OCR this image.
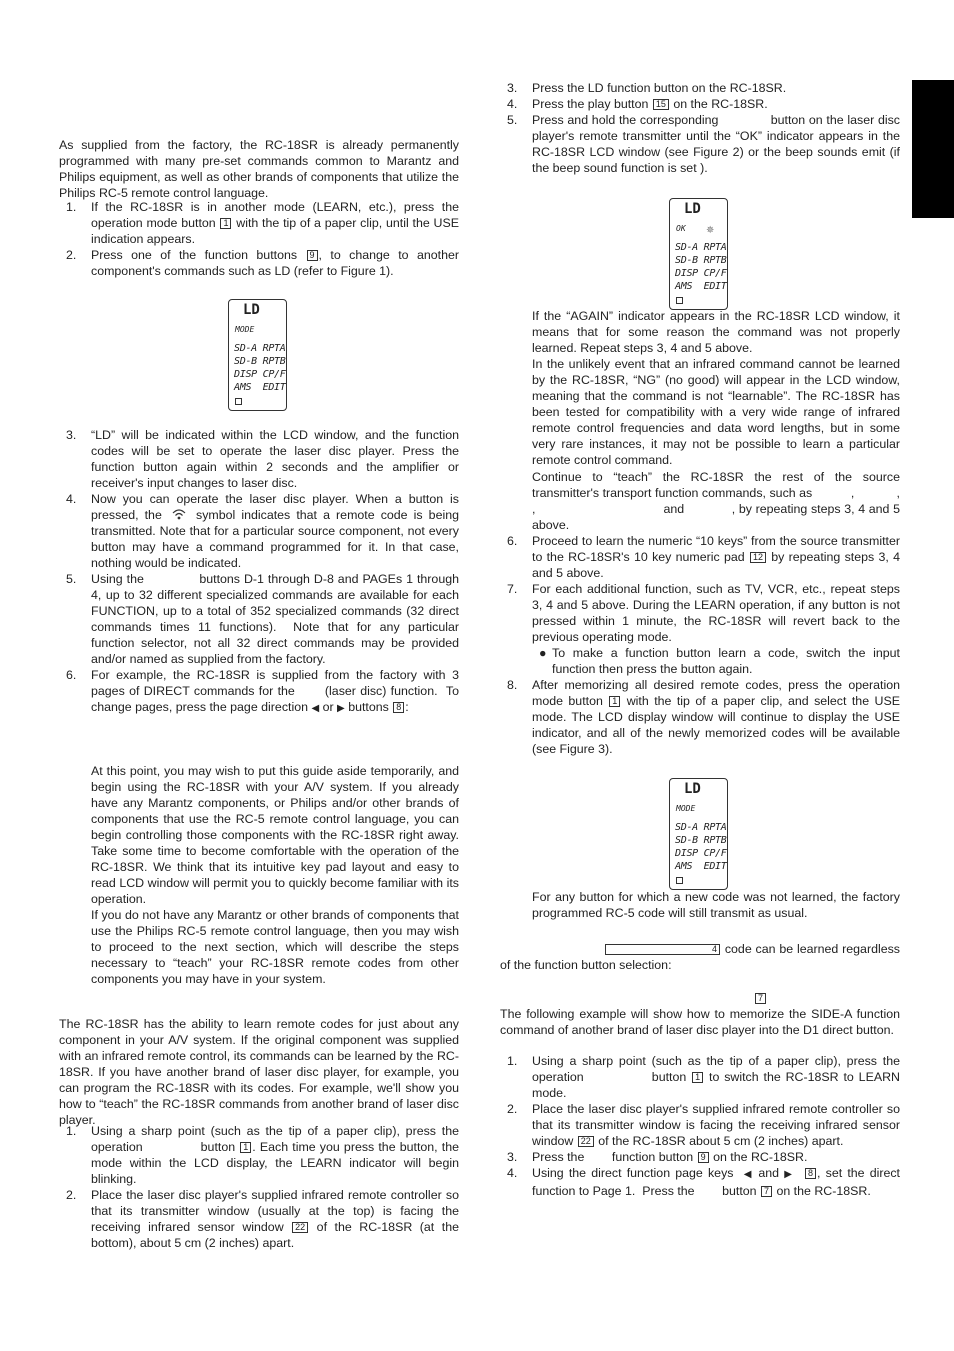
As supplied from the factory, the RC-18SR is already permanently programmed with many pre-set commands common to Marantz and Philips equipment, as well as other brands of components that utilize the Philips RC-5 remote control language.
1.	If the RC-18SR is in another mode (LEARN, etc.), press the operation mode button 1 with the tip of a paper clip, until the USE indication appears.
2.	Press one of the function buttons 9 , to change to another component's commands such as LD (refer to Figure 1).
LD
MODE
SD-A RPTA
SD-B RPTB
DISP CP/F
AMS  EDIT
3.	“LD” will be indicated within the LCD window, and the function codes will be set to operate the laser disc player. Press the function button again within 2 seconds and the amplifier or receiver's input changes to laser disc.
4.	Now you can operate the laser disc player. When a button is pressed, the  symbol indicates that a remote code is being transmitted. Note that for a particular source component, not every button may have a command programmed for it. In that case, nothing would be indicated.
5.	Using the              buttons D-1 through D-8 and PAGEs 1 through 4, up to 32 different specialized commands are available for each FUNCTION, up to a total of 352 specialized commands (32 direct commands times 11 functions).  Note that for any particular function selector, not all 32 direct commands may be provided and/or named as supplied from the factory.
6.	For example, the RC-18SR is supplied from the factory with 3 pages of DIRECT commands for the       (laser disc) function.  To change pages, press the page direction ◀ or ▶ buttons 8 :
At this point, you may wish to put this guide aside temporarily, and begin using the RC-18SR with your A/V system. If you already have any Marantz components, or Philips and/or other brands of components that use the RC-5 remote control language, you can begin controlling those components with the RC-18SR right away. Take some time to become comfortable with the operation of the RC-18SR. We think that its intuitive key pad layout and easy to read LCD window will permit you to quickly become familiar with its operation.
If you do not have any Marantz or other brands of components that use the Philips RC-5 remote control language, then you may wish to proceed to the next section, which will describe the steps necessary to “teach” your RC-18SR remote codes from other components you may have in your system.
The RC-18SR has the ability to learn remote codes for just about any component in your A/V system. If the original component was supplied with an infrared remote control, its commands can be learned by the RC-18SR. If you have another brand of laser disc player, for example, you can program the RC-18SR with its codes. For example, we'll show you how to “teach” the RC-18SR commands from another brand of laser disc player.
1.	Using a sharp point (such as the tip of a paper clip), press the operation              button 1 . Each time you press the button, the mode within the LCD display, the LEARN indicator will begin blinking.
2.	Place the laser disc player's supplied infrared remote controller so that its transmitter window (usually at the top) is facing the receiving infrared sensor window 22 of the RC-18SR (at the bottom), about 5 cm (2 inches) apart.
3.	Press the LD function button on the RC-18SR.
4.	Press the play button 15 on the RC-18SR.
5.	Press and hold the corresponding              button on the laser disc player's remote transmitter until the “OK” indicator appears in the RC-18SR LCD window (see Figure 2) or the beep sounds emit (if the beep sound function is set ).
LD
✵
OK
SD-A RPTA
SD-B RPTB
DISP CP/F
AMS  EDIT
If the “AGAIN” indicator appears in the RC-18SR LCD window, it means that for some reason the command was not properly learned. Repeat steps 3, 4 and 5 above.
In the unlikely event that an infrared command cannot be learned by the RC-18SR, “NG” (no good) will appear in the LCD window, meaning that the command is not “learnable”. The RC-18SR has been tested for compatibility with a very wide range of infrared remote control frequencies and data word lengths, but in some very rare instances, it may not be possible to learn a particular remote control command.
Continue to “teach” the RC-18SR the rest of the source transmitter's transport function commands, such as           ,            ,            ,                                   and             , by repeating steps 3, 4 and 5 above.
6.	Proceed to learn the numeric “10 keys” from the source transmitter to the RC-18SR's 10 key numeric pad 12 by repeating steps 3, 4 and 5 above.
7.	For each additional function, such as TV, VCR, etc., repeat steps 3, 4 and 5 above. During the LEARN operation, if any button is not pressed within 1 minute, the RC-18SR will revert back to the previous operating mode.
● To make a function button learn a code, switch the input function then press the button again.
8.	After memorizing all desired remote codes, press the operation mode button 1 with the tip of a paper clip, and select the USE mode. The LCD display window will continue to display the USE indicator, and all of the newly memorized codes will be available (see Figure 3).
LD
MODE
SD-A RPTA
SD-B RPTB
DISP CP/F
AMS  EDIT
For any button for which a new code was not learned, the factory programmed RC-5 code will still transmit as usual.
4 code can be learned regardless of the function button selection:
7
The following example will show how to memorize the SIDE-A function command of another brand of laser disc player into the D1 direct button.
1.	Using a sharp point (such as the tip of a paper clip), press the operation              button 1 to switch the RC-18SR to LEARN mode.
2.	Place the laser disc player's supplied infrared remote controller so that its transmitter window is facing the receiving infrared sensor window 22 of the RC-18SR about 5 cm (2 inches) apart.
3.	Press the        function button 9 on the RC-18SR.
4.	Using the direct function page keys  ◀ and ▶ 8 , set the direct function to Page 1.  Press the        button 7 on the RC-18SR.
